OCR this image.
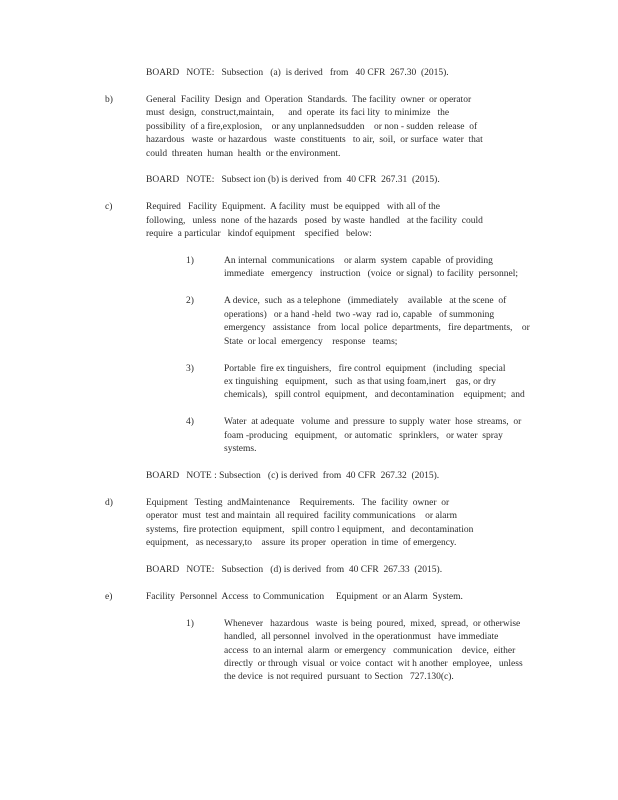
BOARD   NOTE:   Subsection   (a)  is derived   from   40 CFR  267.30  (2015).
b)	General  Facility  Design  and  Operation  Standards.  The facility  owner  or operator
must  design,  construct,maintain,      and  operate  its faci lity  to minimize   the
possibility  of a fire,explosion,    or any unplannedsudden    or non - sudden  release  of
hazardous   waste  or hazardous   waste  constituents   to air,  soil,  or surface  water  that
could  threaten  human  health  or the environment.
BOARD   NOTE:   Subsect ion (b) is derived  from  40 CFR  267.31  (2015).
c)	Required   Facility  Equipment.  A facility  must  be equipped   with all of the
following,   unless  none  of the hazards   posed  by waste  handled   at the facility  could
require  a particular   kindof equipment    specified   below:
1)	An internal  communications    or alarm  system  capable  of providing
immediate   emergency   instruction   (voice  or signal)  to facility  personnel;
2)	A device,  such  as a telephone   (immediately    available   at the scene  of
operations)   or a hand -held  two -way  rad io, capable   of summoning
emergency   assistance   from  local  police  departments,   fire departments,    or
State  or local  emergency    response   teams;
3)	Portable  fire ex tinguishers,   fire control  equipment   (including   special
ex tinguishing   equipment,   such  as that using foam,inert    gas, or dry
chemicals),   spill control  equipment,   and decontamination    equipment;  and
4)	Water  at adequate   volume  and  pressure  to supply  water  hose  streams,  or
foam -producing   equipment,   or automatic   sprinklers,   or water  spray
systems.
BOARD   NOTE : Subsection   (c) is derived  from  40 CFR  267.32  (2015).
d)	Equipment   Testing  andMaintenance    Requirements.   The  facility  owner  or
operator  must  test and maintain  all required  facility communications    or alarm
systems,  fire protection  equipment,   spill contro l equipment,   and  decontamination
equipment,   as necessary,to    assure  its proper  operation  in time  of emergency.
BOARD   NOTE:   Subsection   (d) is derived  from  40 CFR  267.33  (2015).
e)	Facility  Personnel  Access  to Communication     Equipment  or an Alarm  System.
1)	Whenever   hazardous   waste  is being  poured,  mixed,  spread,  or otherwise
handled,  all personnel  involved  in the operationmust   have immediate
access  to an internal  alarm  or emergency   communication    device,  either
directly  or through  visual  or voice  contact  wit h another  employee,   unless
the device  is not required  pursuant  to Section   727.130(c).
